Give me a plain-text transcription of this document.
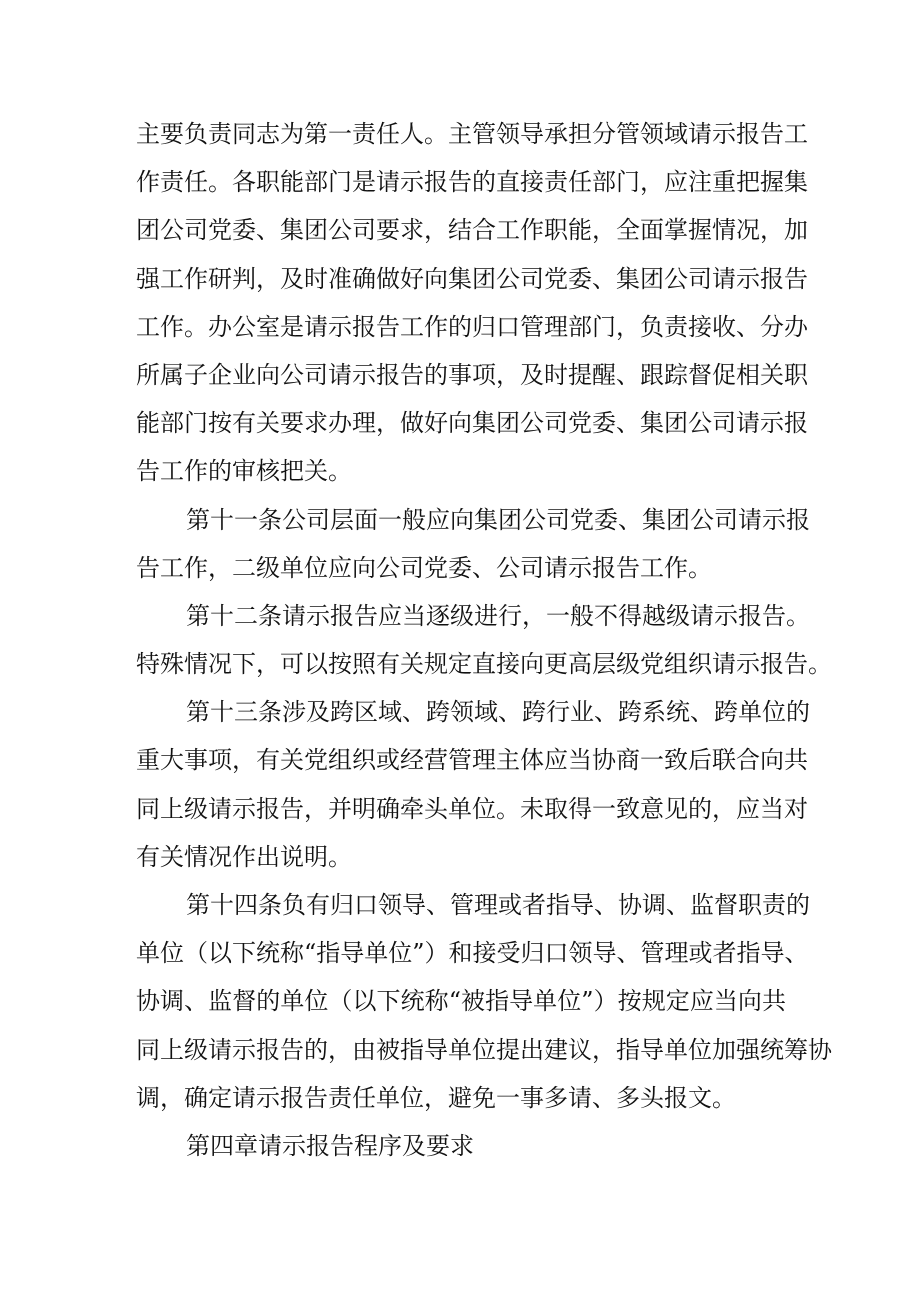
主要负责同志为第一责任人。主管领导承担分管领域请示报告工
作责任。各职能部门是请示报告的直接责任部门，应注重把握集
团公司党委、集团公司要求，结合工作职能，全面掌握情况，加
强工作研判，及时准确做好向集团公司党委、集团公司请示报告
工作。办公室是请示报告工作的归口管理部门，负责接收、分办
所属子企业向公司请示报告的事项，及时提醒、跟踪督促相关职
能部门按有关要求办理，做好向集团公司党委、集团公司请示报
告工作的审核把关。
第十一条公司层面一般应向集团公司党委、集团公司请示报
告工作，二级单位应向公司党委、公司请示报告工作。
第十二条请示报告应当逐级进行，一般不得越级请示报告。
特殊情况下，可以按照有关规定直接向更高层级党组织请示报告。
第十三条涉及跨区域、跨领域、跨行业、跨系统、跨单位的
重大事项，有关党组织或经营管理主体应当协商一致后联合向共
同上级请示报告，并明确牵头单位。未取得一致意见的，应当对
有关情况作出说明。
第十四条负有归口领导、管理或者指导、协调、监督职责的
单位（以下统称“指导单位”）和接受归口领导、管理或者指导、
协调、监督的单位（以下统称“被指导单位”）按规定应当向共
同上级请示报告的，由被指导单位提出建议，指导单位加强统筹协
调，确定请示报告责任单位，避免一事多请、多头报文。
第四章请示报告程序及要求
